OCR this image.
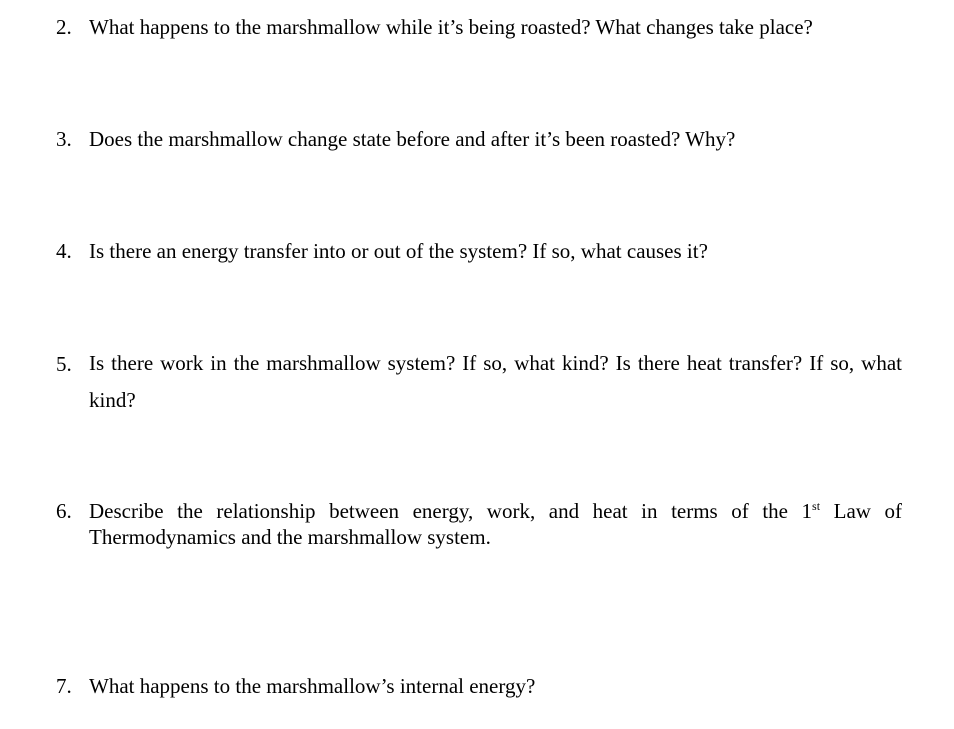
2. What happens to the marshmallow while it’s being roasted? What changes take place?
3. Does the marshmallow change state before and after it’s been roasted? Why?
4. Is there an energy transfer into or out of the system? If so, what causes it?
5. Is there work in the marshmallow system? If so, what kind? Is there heat transfer? If so, what kind?
6. Describe the relationship between energy, work, and heat in terms of the 1st Law of Thermodynamics and the marshmallow system.
7. What happens to the marshmallow’s internal energy?
